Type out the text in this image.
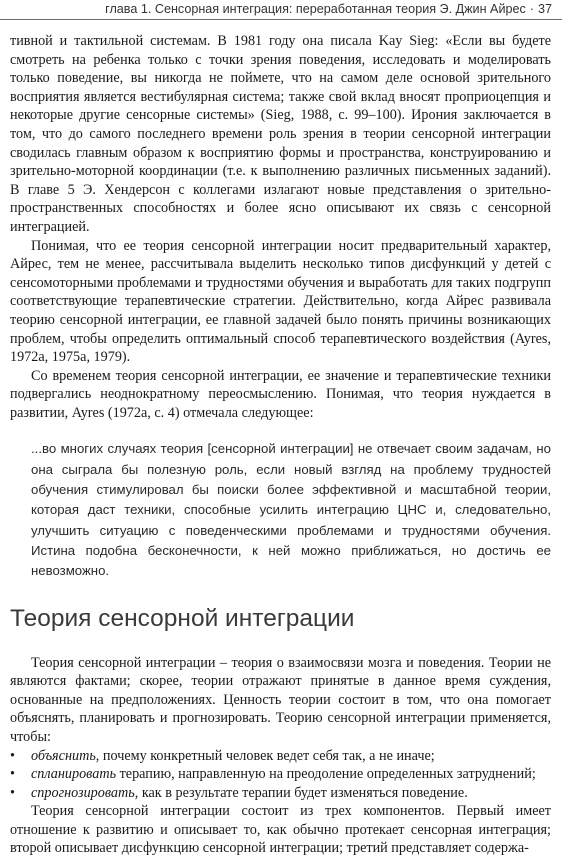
глава 1. Сенсорная интеграция: переработанная теория Э. Джин Айрес · 37

тивной и тактильной системам. В 1981 году она писала Kay Sieg: «Если вы будете смотреть на ребенка только с точки зрения поведения, исследовать и моделировать только поведение, вы никогда не поймете, что на самом деле основой зрительного восприятия является вестибулярная система; также свой вклад вносят проприоцепция и некоторые другие сенсорные системы» (Sieg, 1988, с. 99–100). Ирония заключается в том, что до самого последнего времени роль зрения в теории сенсорной интеграции сводилась главным образом к восприятию формы и пространства, конструированию и зрительно-моторной координации (т.е. к выполнению различных письменных заданий). В главе 5 Э. Хендерсон с коллегами излагают новые представления о зрительно-пространственных способностях и более ясно описывают их связь с сенсорной интеграцией.

Понимая, что ее теория сенсорной интеграции носит предварительный характер, Айрес, тем не менее, рассчитывала выделить несколько типов дисфункций у детей с сенсомоторными проблемами и трудностями обучения и выработать для таких подгрупп соответствующие терапевтические стратегии. Действительно, когда Айрес развивала теорию сенсорной интеграции, ее главной задачей было понять причины возникающих проблем, чтобы определить оптимальный способ терапевтического воздействия (Ayres, 1972a, 1975a, 1979).

Со временем теория сенсорной интеграции, ее значение и терапевтические техники подвергались неоднократному переосмыслению. Понимая, что теория нуждается в развитии, Ayres (1972a, с. 4) отмечала следующее:

...во многих случаях теория [сенсорной интеграции] не отвечает своим задачам, но она сыграла бы полезную роль, если новый взгляд на проблему трудностей обучения стимулировал бы поиски более эффективной и масштабной теории, которая даст техники, способные усилить интеграцию ЦНС и, следовательно, улучшить ситуацию с поведенческими проблемами и трудностями обучения. Истина подобна бесконечности, к ней можно приближаться, но достичь ее невозможно.
Теория сенсорной интеграции

Теория сенсорной интеграции – теория о взаимосвязи мозга и поведения. Теории не являются фактами; скорее, теории отражают принятые в данное время суждения, основанные на предположениях. Ценность теории состоит в том, что она помогает объяснять, планировать и прогнозировать. Теорию сенсорной интеграции применяется, чтобы:

• объяснить, почему конкретный человек ведет себя так, а не иначе;
• спланировать терапию, направленную на преодоление определенных затруднений;
• спрогнозировать, как в результате терапии будет изменяться поведение.

Теория сенсорной интеграции состоит из трех компонентов. Первый имеет отношение к развитию и описывает то, как обычно протекает сенсорная интеграция; второй описывает дисфункцию сенсорной интеграции; третий представляет содержа-
